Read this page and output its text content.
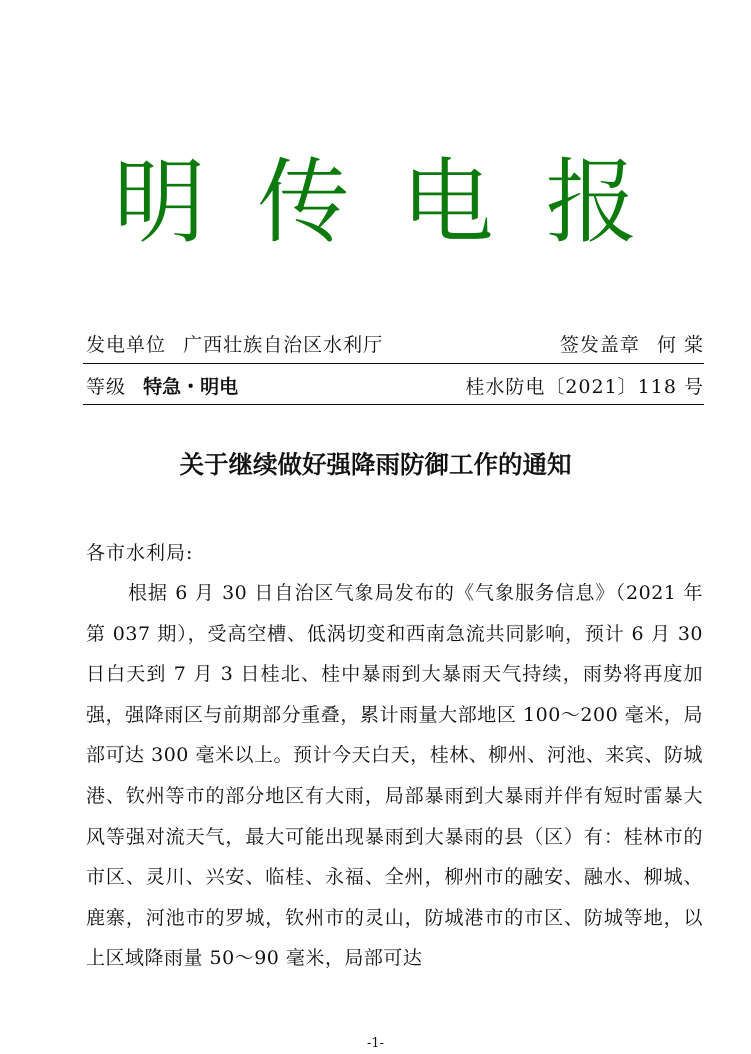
明 传 电 报
发电单位 广西壮族自治区水利厅	签发盖章 何 棠
等级 特急・明电	桂水防电〔2021〕118 号
关于继续做好强降雨防御工作的通知
各市水利局:

根据 6 月 30 日自治区气象局发布的《气象服务信息》（2021 年第 037 期），受高空槽、低涡切变和西南急流共同影响，预计 6 月 30 日白天到 7 月 3 日桂北、桂中暴雨到大暴雨天气持续，雨势将再度加强，强降雨区与前期部分重叠，累计雨量大部地区 100～200 毫米，局部可达 300 毫米以上。预计今天白天，桂林、柳州、河池、来宾、防城港、钦州等市的部分地区有大雨，局部暴雨到大暴雨并伴有短时雷暴大风等强对流天气，最大可能出现暴雨到大暴雨的县（区）有：桂林市的市区、灵川、兴安、临桂、永福、全州，柳州市的融安、融水、柳城、鹿寨，河池市的罗城，钦州市的灵山，防城港市的市区、防城等地，以上区域降雨量 50～90 毫米，局部可达

-1-
